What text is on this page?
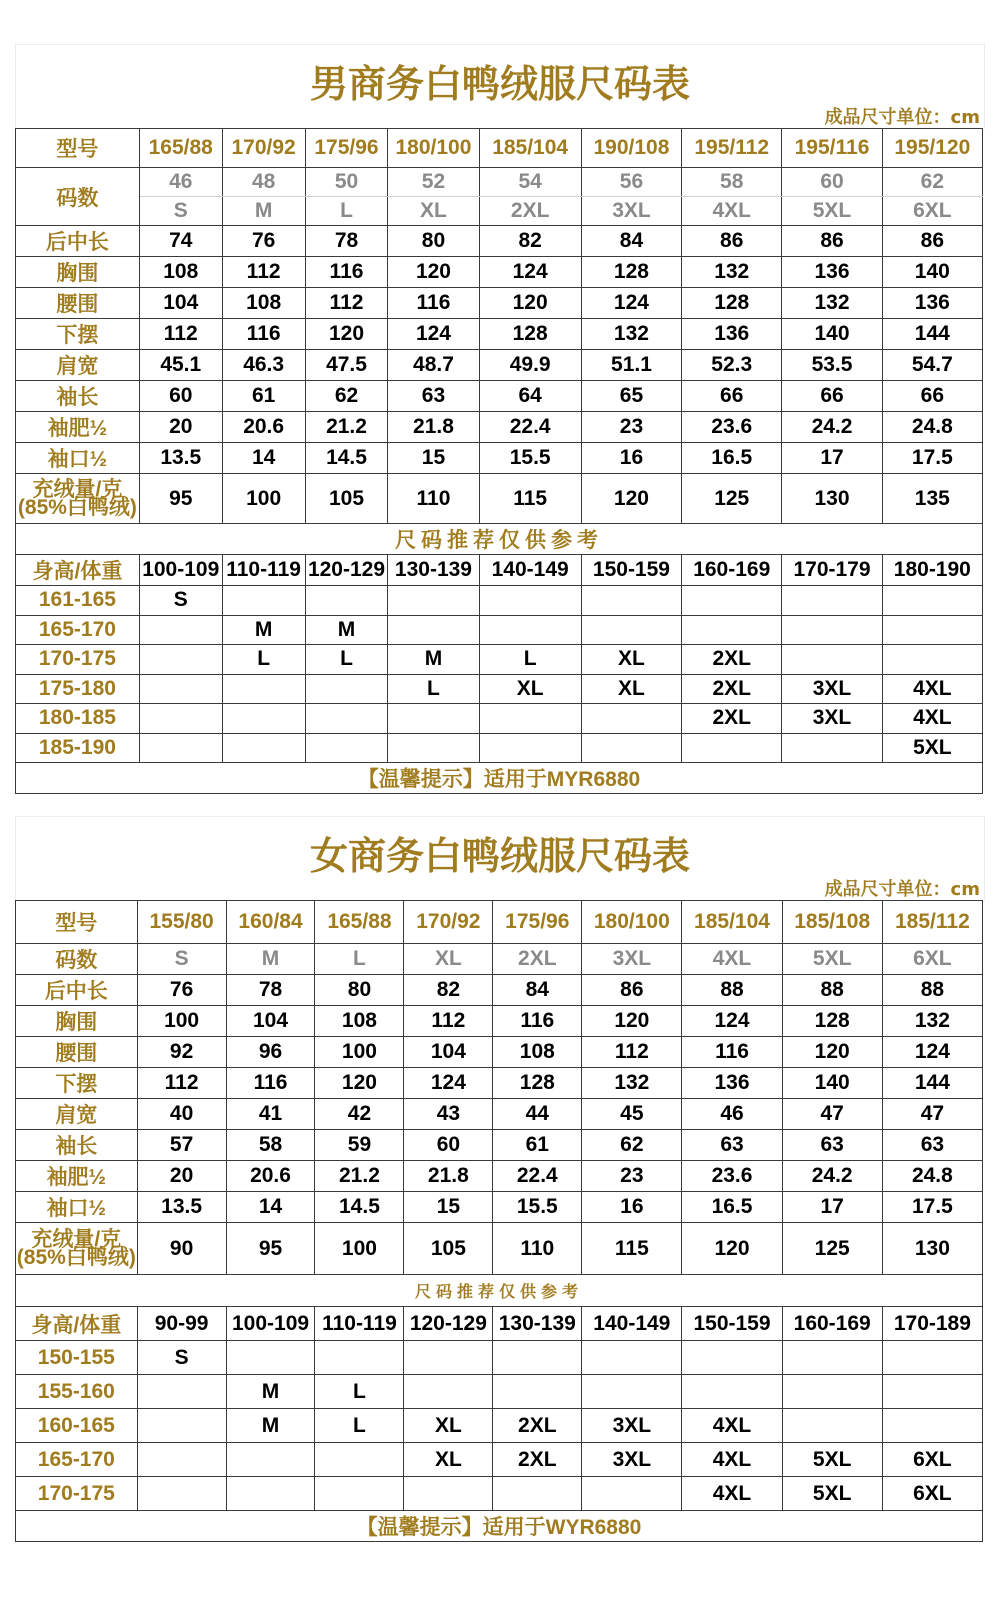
男商务白鸭绒服尺码表
成品尺寸单位：cm
型号	165/88	170/92	175/96	180/100	185/104	190/108	195/112	195/116	195/120
码数	46	48	50	52	54	56	58	60	62
	S	M	L	XL	2XL	3XL	4XL	5XL	6XL
后中长	74	76	78	80	82	84	86	86	86
胸围	108	112	116	120	124	128	132	136	140
腰围	104	108	112	116	120	124	128	132	136
下摆	112	116	120	124	128	132	136	140	144
肩宽	45.1	46.3	47.5	48.7	49.9	51.1	52.3	53.5	54.7
袖长	60	61	62	63	64	65	66	66	66
袖肥½	20	20.6	21.2	21.8	22.4	23	23.6	24.2	24.8
袖口½	13.5	14	14.5	15	15.5	16	16.5	17	17.5

充绒量/克
(85%白鸭绒)	95	100	105	110	115	120	125	130	135
尺码推荐仅供参考									
身高/体重	100-109	110-119	120-129	130-139	140-149	150-159	160-169	170-179	180-190
161-165	S								
165-170		M	M						
170-175		L	L	M	L	XL	2XL		
175-180				L	XL	XL	2XL	3XL	4XL
180-185							2XL	3XL	4XL
185-190									5XL
【温馨提示】适用于MYR6880									
女商务白鸭绒服尺码表
成品尺寸单位：cm
型号	155/80	160/84	165/88	170/92	175/96	180/100	185/104	185/108	185/112
码数	S	M	L	XL	2XL	3XL	4XL	5XL	6XL
后中长	76	78	80	82	84	86	88	88	88
胸围	100	104	108	112	116	120	124	128	132
腰围	92	96	100	104	108	112	116	120	124
下摆	112	116	120	124	128	132	136	140	144
肩宽	40	41	42	43	44	45	46	47	47
袖长	57	58	59	60	61	62	63	63	63
袖肥½	20	20.6	21.2	21.8	22.4	23	23.6	24.2	24.8
袖口½	13.5	14	14.5	15	15.5	16	16.5	17	17.5

充绒量/克
(85%白鸭绒)	90	95	100	105	110	115	120	125	130
尺码推荐仅供参考									
身高/体重	90-99	100-109	110-119	120-129	130-139	140-149	150-159	160-169	170-189
150-155	S								
155-160		M	L						
160-165		M	L	XL	2XL	3XL	4XL		
165-170				XL	2XL	3XL	4XL	5XL	6XL
170-175							4XL	5XL	6XL
【温馨提示】适用于WYR6880									
